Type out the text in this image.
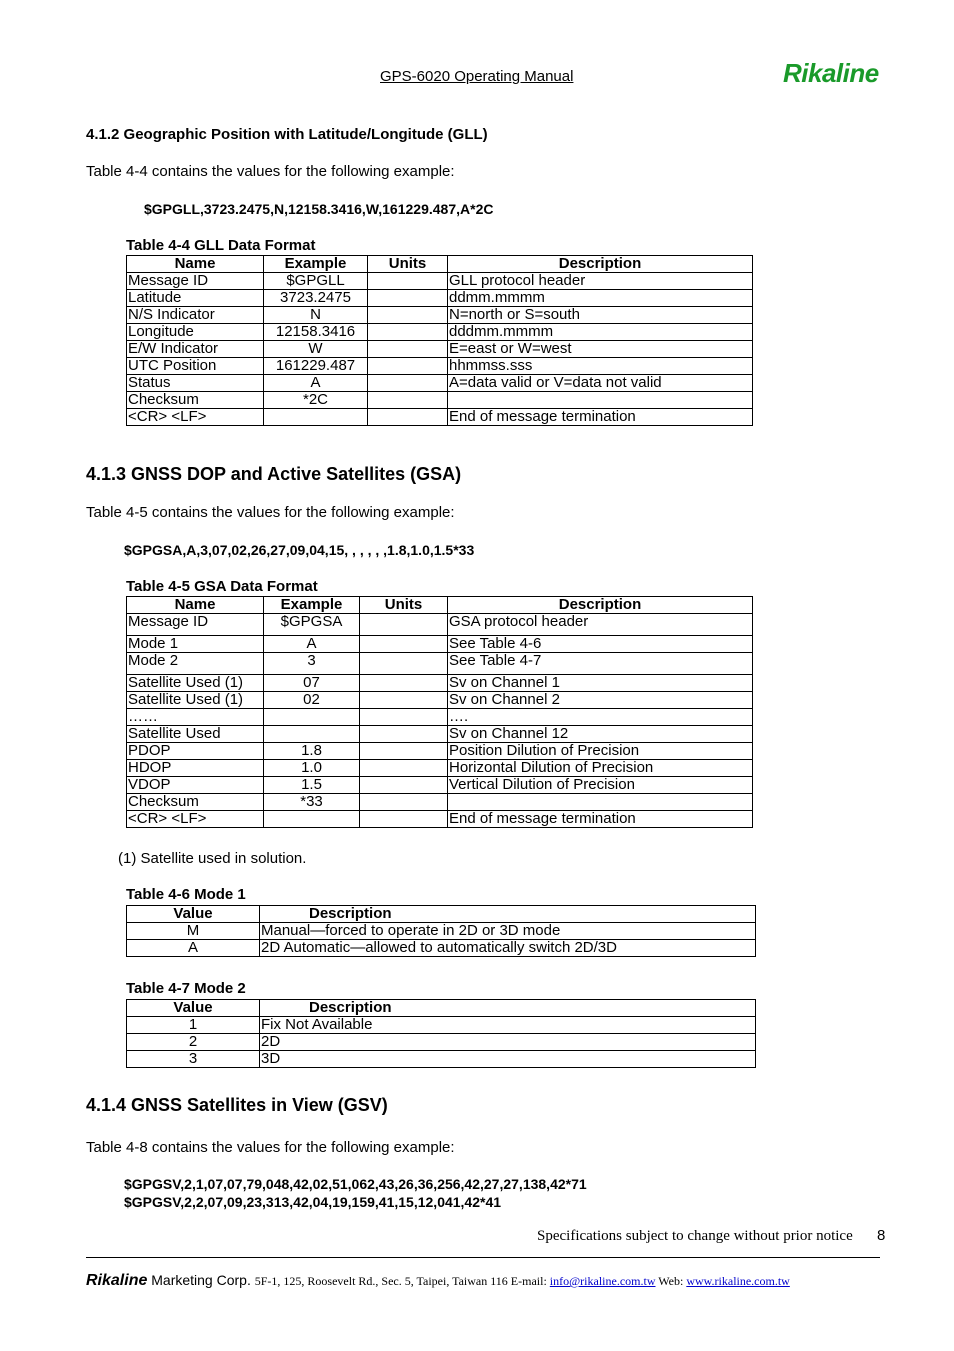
GPS-6020 Operating Manual	Rikaline
4.1.2 Geographic Position with Latitude/Longitude (GLL)
Table 4-4 contains the values for the following example:
$GPGLL,3723.2475,N,12158.3416,W,161229.487,A*2C
Table 4-4 GLL Data Format
Name	Example	Units	Description
Message ID	$GPGLL		GLL protocol header
Latitude	3723.2475		ddmm.mmmm
N/S Indicator	N		N=north or S=south
Longitude	12158.3416		dddmm.mmmm
E/W Indicator	W		E=east or W=west
UTC Position	161229.487		hhmmss.sss
Status	A		A=data valid or V=data not valid
Checksum	*2C		
<CR> <LF>			End of message termination
4.1.3 GNSS DOP and Active Satellites (GSA)
Table 4-5 contains the values for the following example:
$GPGSA,A,3,07,02,26,27,09,04,15, , , , , ,1.8,1.0,1.5*33
Table 4-5 GSA Data Format
Name	Example	Units	Description
Message ID	$GPGSA		GSA protocol header
Mode 1	A		See Table 4-6
Mode 2	3		See Table 4-7
Satellite Used (1)	07		Sv on Channel 1
Satellite Used (1)	02		Sv on Channel 2
……			….
Satellite Used			Sv on Channel 12
PDOP	1.8		Position Dilution of Precision
HDOP	1.0		Horizontal Dilution of Precision
VDOP	1.5		Vertical Dilution of Precision
Checksum	*33		
<CR> <LF>			End of message termination
(1) Satellite used in solution.
Table 4-6 Mode 1
Value	Description
M	Manual—forced to operate in 2D or 3D mode
A	2D Automatic—allowed to automatically switch 2D/3D
Table 4-7 Mode 2
Value	Description
1	Fix Not Available
2	2D
3	3D
4.1.4 GNSS Satellites in View (GSV)
Table 4-8 contains the values for the following example:
$GPGSV,2,1,07,07,79,048,42,02,51,062,43,26,36,256,42,27,27,138,42*71
$GPGSV,2,2,07,09,23,313,42,04,19,159,41,15,12,041,42*41
Specifications subject to change without prior notice 8
Rikaline Marketing Corp. 5F-1, 125, Roosevelt Rd., Sec. 5, Taipei, Taiwan 116 E-mail: info@rikaline.com.tw Web: www.rikaline.com.tw
